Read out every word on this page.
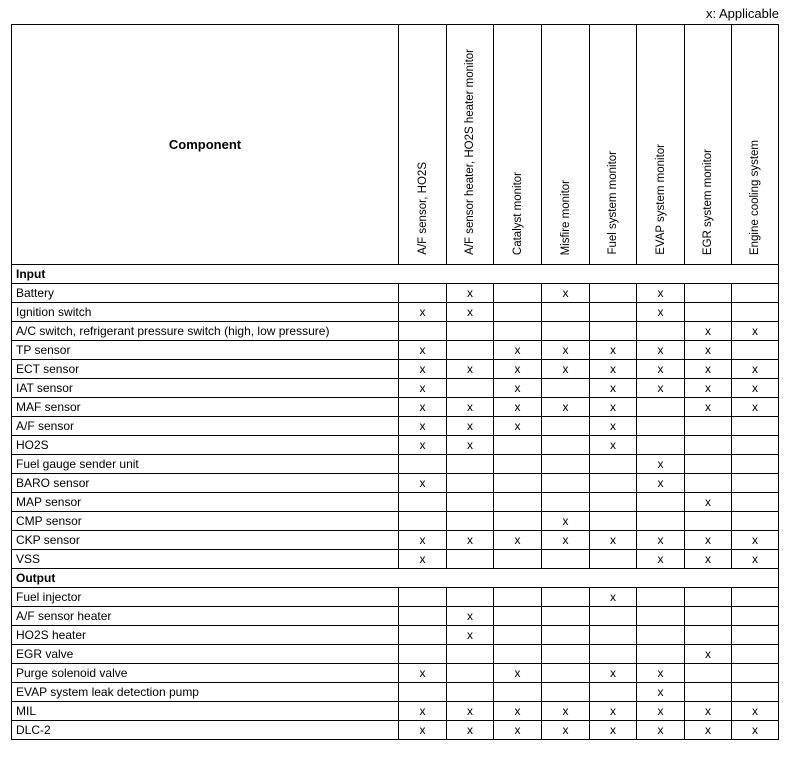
x: Applicable
Component	A/F sensor, HO2S	A/F sensor heater, HO2S heater monitor	Catalyst monitor	Misfire monitor	Fuel system monitor	EVAP system monitor	EGR system monitor	Engine cooling system
Input								
Battery		x		x		x		
Ignition switch	x	x				x		
A/C switch, refrigerant pressure switch (high, low pressure)							x	x
TP sensor	x		x	x	x	x	x	
ECT sensor	x	x	x	x	x	x	x	x
IAT sensor	x		x		x	x	x	x
MAF sensor	x	x	x	x	x		x	x
A/F sensor	x	x	x		x			
HO2S	x	x			x			
Fuel gauge sender unit						x		
BARO sensor	x					x		
MAP sensor							x	
CMP sensor				x				
CKP sensor	x	x	x	x	x	x	x	x
VSS	x					x	x	x
Output								
Fuel injector					x			
A/F sensor heater		x						
HO2S heater		x						
EGR valve							x	
Purge solenoid valve	x		x		x	x		
EVAP system leak detection pump						x		
MIL	x	x	x	x	x	x	x	x
DLC-2	x	x	x	x	x	x	x	x
